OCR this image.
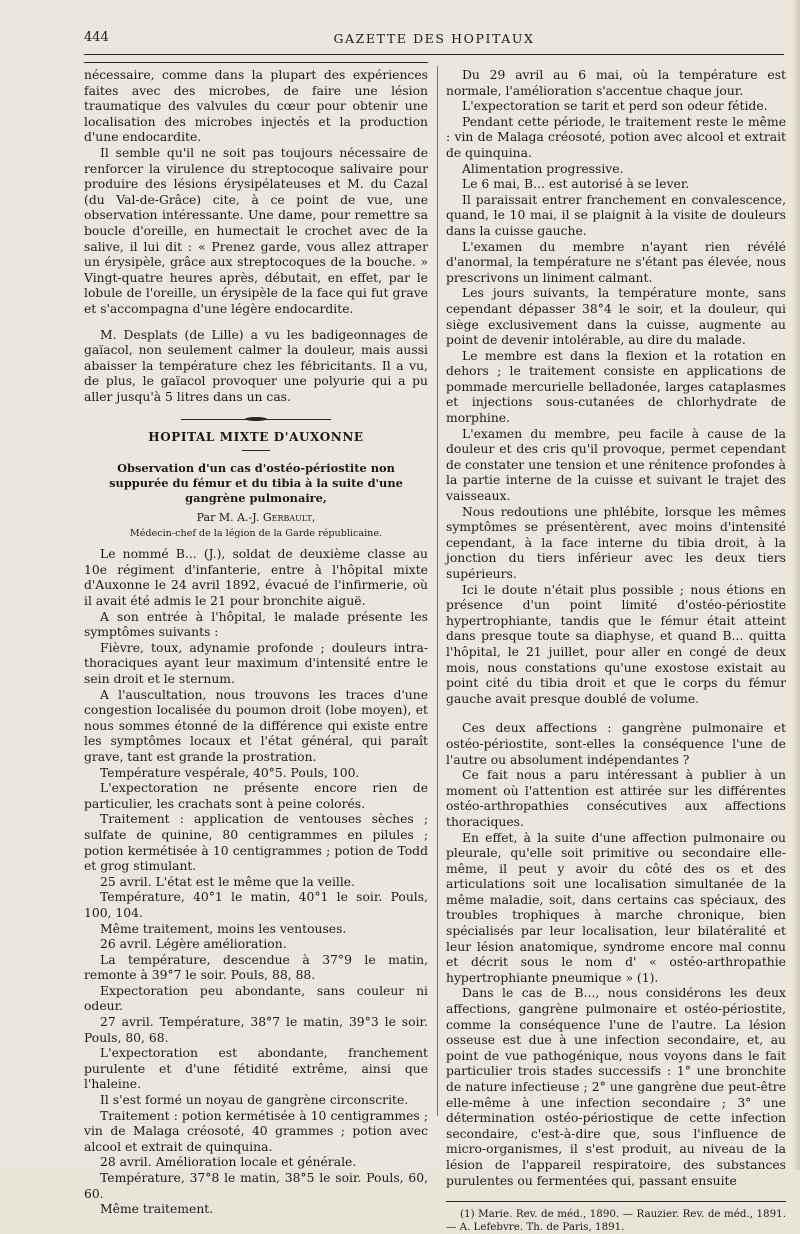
444	GAZETTE DES HOPITAUX

nécessaire, comme dans la plupart des expériences faites avec des microbes, de faire une lésion traumatique des valvules du cœur pour obtenir une localisation des microbes injectés et la production d'une endocardite.

Il semble qu'il ne soit pas toujours nécessaire de renforcer la virulence du streptocoque salivaire pour produire des lésions érysipélateuses et M. du Cazal (du Val-de-Grâce) cite, à ce point de vue, une observation intéressante. Une dame, pour remettre sa boucle d'oreille, en humectait le crochet avec de la salive, il lui dit : « Prenez garde, vous allez attraper un érysipèle, grâce aux streptocoques de la bouche. » Vingt-quatre heures après, débutait, en effet, par le lobule de l'oreille, un érysipèle de la face qui fut grave et s'accompagna d'une légère endocardite.

M. Desplats (de Lille) a vu les badigeonnages de gaïacol, non seulement calmer la douleur, mais aussi abaisser la température chez les fébricitants. Il a vu, de plus, le gaïacol provoquer une polyurie qui a pu aller jusqu'à 5 litres dans un cas.

HOPITAL MIXTE D'AUXONNE
Observation d'un cas d'ostéo-périostite non suppurée du fémur et du tibia à la suite d'une gangrène pulmonaire,
Par M. A.-J. Gerbault,
Médecin-chef de la légion de la Garde républicaine.

Le nommé B... (J.), soldat de deuxième classe au 10e régiment d'infanterie, entre à l'hôpital mixte d'Auxonne le 24 avril 1892, évacué de l'infirmerie, où il avait été admis le 21 pour bronchite aiguë.

A son entrée à l'hôpital, le malade présente les symptômes suivants :

Fièvre, toux, adynamie profonde ; douleurs intra-thoraciques ayant leur maximum d'intensité entre le sein droit et le sternum.

A l'auscultation, nous trouvons les traces d'une congestion localisée du poumon droit (lobe moyen), et nous sommes étonné de la différence qui existe entre les symptômes locaux et l'état général, qui paraît grave, tant est grande la prostration.

Température vespérale, 40°5. Pouls, 100.

L'expectoration ne présente encore rien de particulier, les crachats sont à peine colorés.

Traitement : application de ventouses sèches ; sulfate de quinine, 80 centigrammes en pilules ; potion kermétisée à 10 centigrammes ; potion de Todd et grog stimulant.

25 avril. L'état est le même que la veille.

Température, 40°1 le matin, 40°1 le soir. Pouls, 100, 104.

Même traitement, moins les ventouses.

26 avril. Légère amélioration.

La température, descendue à 37°9 le matin, remonte à 39°7 le soir. Pouls, 88, 88.

Expectoration peu abondante, sans couleur ni odeur.

27 avril. Température, 38°7 le matin, 39°3 le soir. Pouls, 80, 68.

L'expectoration est abondante, franchement purulente et d'une fétidité extrême, ainsi que l'haleine.

Il s'est formé un noyau de gangrène circonscrite.

Traitement : potion kermétisée à 10 centigrammes ; vin de Malaga créosoté, 40 grammes ; potion avec alcool et extrait de quinquina.

28 avril. Amélioration locale et générale.

Température, 37°8 le matin, 38°5 le soir. Pouls, 60, 60.

Même traitement.

Du 29 avril au 6 mai, où la température est normale, l'amélioration s'accentue chaque jour.

L'expectoration se tarit et perd son odeur fétide.

Pendant cette période, le traitement reste le même : vin de Malaga créosoté, potion avec alcool et extrait de quinquina.

Alimentation progressive.

Le 6 mai, B... est autorisé à se lever.

Il paraissait entrer franchement en convalescence, quand, le 10 mai, il se plaignit à la visite de douleurs dans la cuisse gauche.

L'examen du membre n'ayant rien révélé d'anormal, la température ne s'étant pas élevée, nous prescrivons un liniment calmant.

Les jours suivants, la température monte, sans cependant dépasser 38°4 le soir, et la douleur, qui siège exclusivement dans la cuisse, augmente au point de devenir intolérable, au dire du malade.

Le membre est dans la flexion et la rotation en dehors ; le traitement consiste en applications de pommade mercurielle belladonée, larges cataplasmes et injections sous-cutanées de chlorhydrate de morphine.

L'examen du membre, peu facile à cause de la douleur et des cris qu'il provoque, permet cependant de constater une tension et une rénitence profondes à la partie interne de la cuisse et suivant le trajet des vaisseaux.

Nous redoutions une phlébite, lorsque les mêmes symptômes se présentèrent, avec moins d'intensité cependant, à la face interne du tibia droit, à la jonction du tiers inférieur avec les deux tiers supérieurs.

Ici le doute n'était plus possible ; nous étions en présence d'un point limité d'ostéo-périostite hypertrophiante, tandis que le fémur était atteint dans presque toute sa diaphyse, et quand B... quitta l'hôpital, le 21 juillet, pour aller en congé de deux mois, nous constations qu'une exostose existait au point cité du tibia droit et que le corps du fémur gauche avait presque doublé de volume.

Ces deux affections : gangrène pulmonaire et ostéo-périostite, sont-elles la conséquence l'une de l'autre ou absolument indépendantes ?

Ce fait nous a paru intéressant à publier à un moment où l'attention est attirée sur les différentes ostéo-arthropathies consécutives aux affections thoraciques.

En effet, à la suite d'une affection pulmonaire ou pleurale, qu'elle soit primitive ou secondaire elle-même, il peut y avoir du côté des os et des articulations soit une localisation simultanée de la même maladie, soit, dans certains cas spéciaux, des troubles trophiques à marche chronique, bien spécialisés par leur localisation, leur bilatéralité et leur lésion anatomique, syndrome encore mal connu et décrit sous le nom d' « ostéo-arthropathie hypertrophiante pneumique » (1).

Dans le cas de B..., nous considérons les deux affections, gangrène pulmonaire et ostéo-périostite, comme la conséquence l'une de l'autre. La lésion osseuse est due à une infection secondaire, et, au point de vue pathogénique, nous voyons dans le fait particulier trois stades successifs : 1° une bronchite de nature infectieuse ; 2° une gangrène due peut-être elle-même à une infection secondaire ; 3° une détermination ostéo-périostique de cette infection secondaire, c'est-à-dire que, sous l'influence de micro-organismes, il s'est produit, au niveau de la lésion de l'appareil respiratoire, des substances purulentes ou fermentées qui, passant ensuite

(1) Marie. Rev. de méd., 1890. — Rauzier. Rev. de méd., 1891. — A. Lefebvre. Th. de Paris, 1891.
